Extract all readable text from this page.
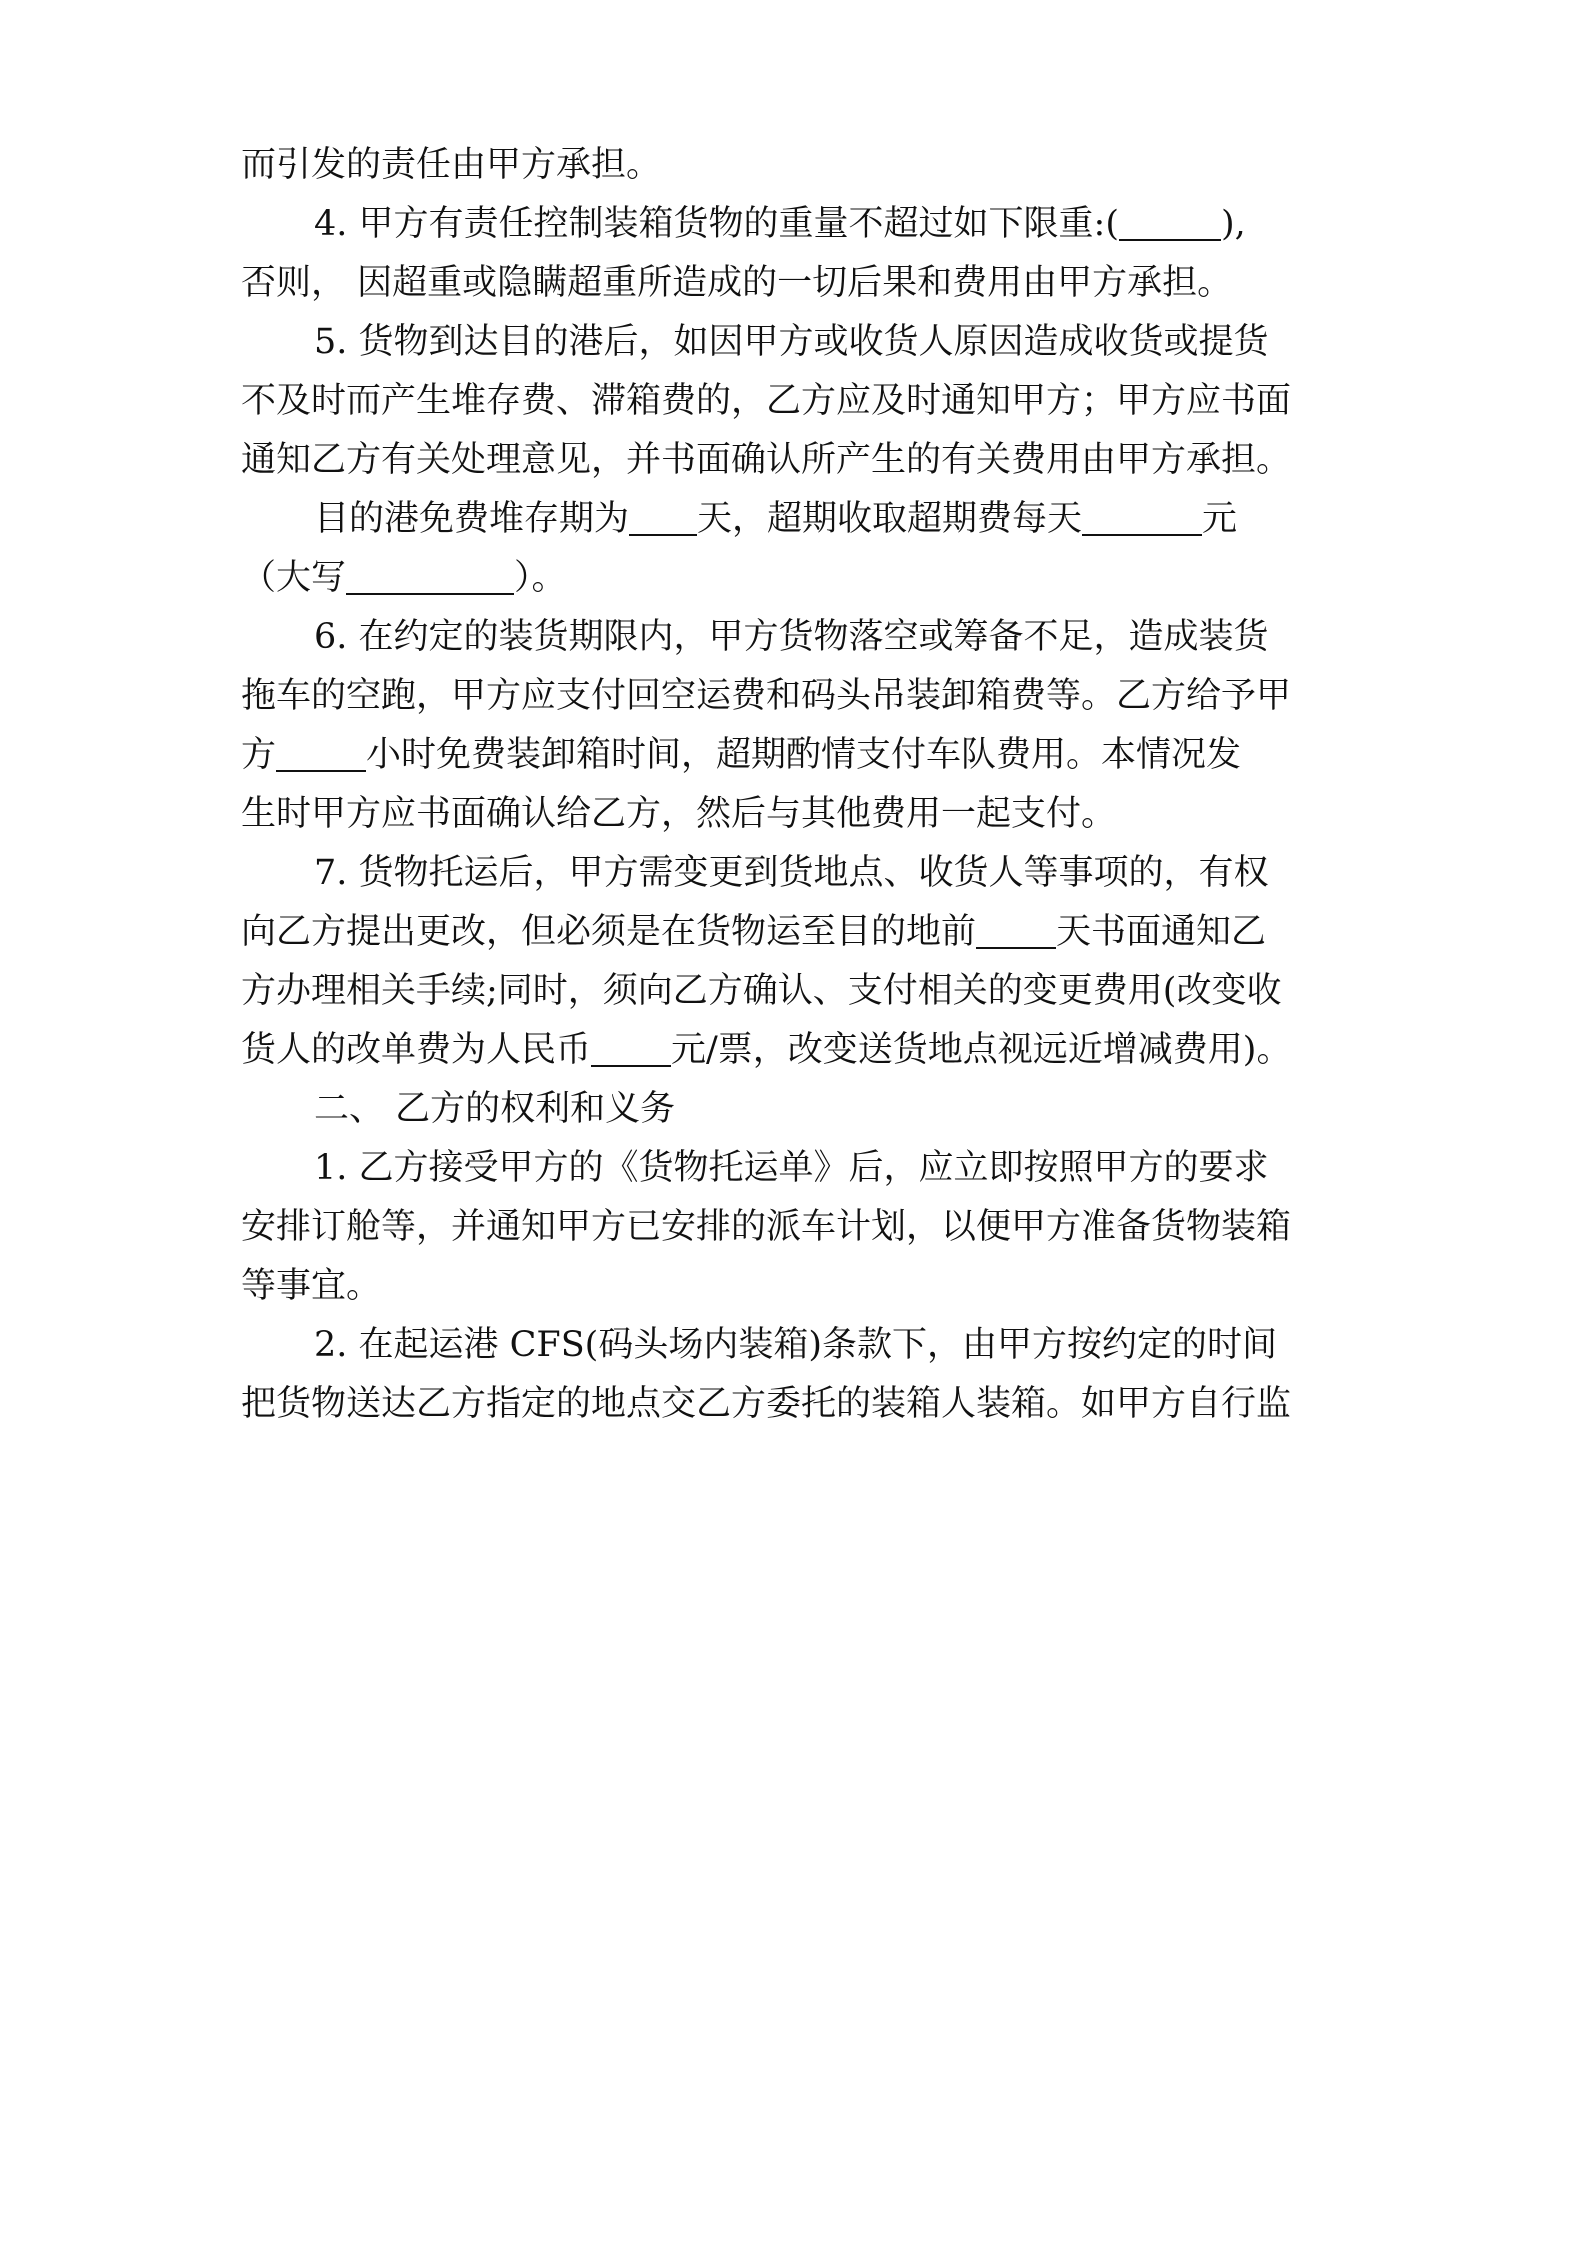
而引发的责任由甲方承担。

4. 甲方有责任控制装箱货物的重量不超过如下限重:(	),

否则， 因超重或隐瞒超重所造成的一切后果和费用由甲方承担。

5. 货物到达目的港后，如因甲方或收货人原因造成收货或提货

不及时而产生堆存费、滞箱费的，乙方应及时通知甲方；甲方应书面

通知乙方有关处理意见，并书面确认所产生的有关费用由甲方承担。

目的港免费堆存期为 天，超期收取超期费每天	元

（大写	）。

6. 在约定的装货期限内，甲方货物落空或筹备不足，造成装货

拖车的空跑，甲方应支付回空运费和码头吊装卸箱费等。乙方给予甲

方	小时免费装卸箱时间，超期酌情支付车队费用。本情况发

生时甲方应书面确认给乙方，然后与其他费用一起支付。

7. 货物托运后，甲方需变更到货地点、收货人等事项的，有权

向乙方提出更改，但必须是在货物运至目的地前 天书面通知乙

方办理相关手续;同时，须向乙方确认、支付相关的变更费用(改变收

货人的改单费为人民币 元/票，改变送货地点视远近增减费用)。

二、 乙方的权利和义务

1. 乙方接受甲方的《货物托运单》后，应立即按照甲方的要求

安排订舱等，并通知甲方已安排的派车计划，以便甲方准备货物装箱

等事宜。

2. 在起运港 CFS(码头场内装箱)条款下，由甲方按约定的时间

把货物送达乙方指定的地点交乙方委托的装箱人装箱。如甲方自行监
